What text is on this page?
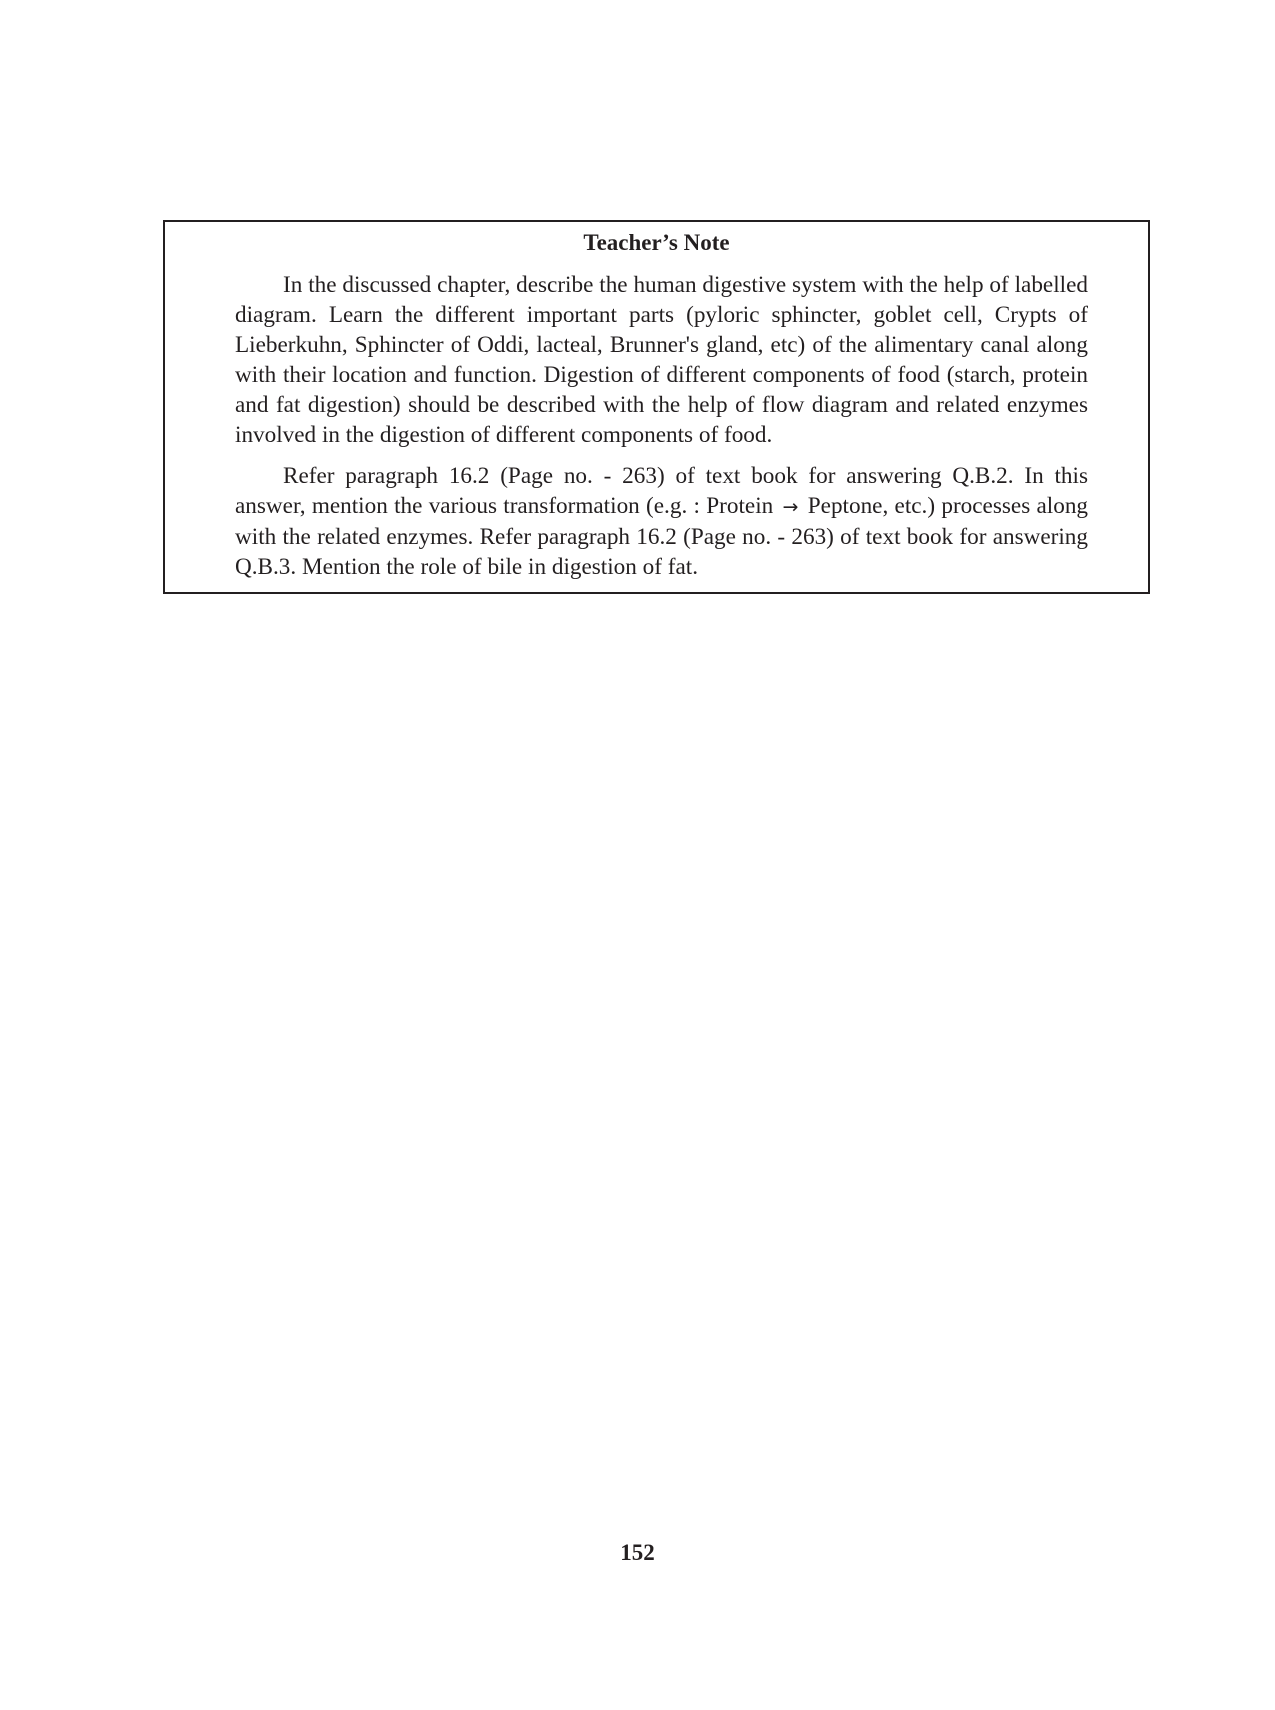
Teacher’s Note

In the discussed chapter, describe the human digestive system with the help of labelled diagram. Learn the different important parts (pyloric sphincter, goblet cell, Crypts of Lieberkuhn, Sphincter of Oddi, lacteal, Brunner's gland, etc) of the alimentary canal along with their location and function. Digestion of different components of food (starch, protein and fat digestion) should be described with the help of flow diagram and related enzymes involved in the digestion of different components of food.

Refer paragraph 16.2 (Page no. - 263) of text book for answering Q.B.2. In this answer, mention the various transformation (e.g. : Protein → Peptone, etc.) processes along with the related enzymes. Refer paragraph 16.2 (Page no. - 263) of text book for answering Q.B.3. Mention the role of bile in digestion of fat.

152
